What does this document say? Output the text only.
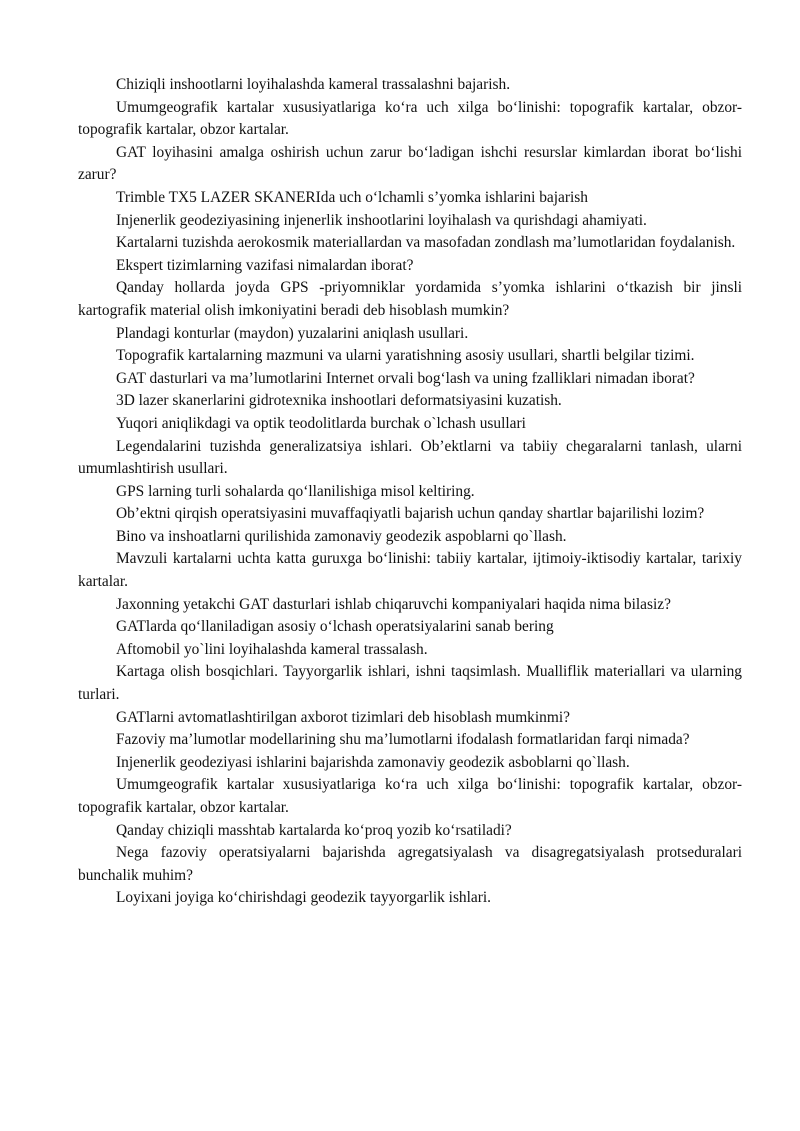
Chiziqli inshootlarni loyihalashda kameral trassalashni bajarish.

Umumgeografik kartalar xususiyatlariga ko‘ra uch xilga bo‘linishi: topografik kartalar, obzor-topografik kartalar, obzor kartalar.

GAT loyihasini amalga oshirish uchun zarur bo‘ladigan ishchi resurslar kimlardan iborat bo‘lishi zarur?

Trimble TX5 LAZER SKANERIda uch o‘lchamli s’yomka ishlarini bajarish

Injenerlik geodeziyasining injenerlik inshootlarini loyihalash va qurishdagi ahamiyati.

Kartalarni tuzishda aerokosmik materiallardan va masofadan zondlash ma’lumotlaridan foydalanish.

Ekspert tizimlarning vazifasi nimalardan iborat?

Qanday hollarda joyda GPS -priyomniklar yordamida s’yomka ishlarini o‘tkazish bir jinsli kartografik material olish imkoniyatini beradi deb hisoblash mumkin?

Plandagi konturlar (maydon) yuzalarini aniqlash usullari.

Topografik kartalarning mazmuni va ularni yaratishning asosiy usullari, shartli belgilar tizimi.

GAT dasturlari va ma’lumotlarini Internet orvali bog‘lash va uning fzalliklari nimadan iborat?

3D lazer skanerlarini gidrotexnika inshootlari deformatsiyasini kuzatish.

Yuqori aniqlikdagi va optik teodolitlarda burchak o`lchash usullari

Legendalarini tuzishda generalizatsiya ishlari. Ob’ektlarni va tabiiy chegaralarni tanlash, ularni umumlashtirish usullari.

GPS larning turli sohalarda qo‘llanilishiga misol keltiring.

Ob’ektni qirqish operatsiyasini muvaffaqiyatli bajarish uchun qanday shartlar bajarilishi lozim?

Bino va inshoatlarni qurilishida zamonaviy geodezik aspoblarni qo`llash.

Mavzuli kartalarni uchta katta guruxga bo‘linishi: tabiiy kartalar, ijtimoiy-iktisodiy kartalar, tarixiy kartalar.

Jaxonning yetakchi GAT dasturlari ishlab chiqaruvchi kompaniyalari haqida nima bilasiz?

GATlarda qo‘llaniladigan asosiy o‘lchash operatsiyalarini sanab bering

Aftomobil yo`lini loyihalashda kameral trassalash.

Kartaga olish bosqichlari. Tayyorgarlik ishlari, ishni taqsimlash. Mualliflik materiallari va ularning turlari.

GATlarni avtomatlashtirilgan axborot tizimlari deb hisoblash mumkinmi?

Fazoviy ma’lumotlar modellarining shu ma’lumotlarni ifodalash formatlaridan farqi nimada?

Injenerlik geodeziyasi ishlarini bajarishda zamonaviy geodezik asboblarni qo`llash.

Umumgeografik kartalar xususiyatlariga ko‘ra uch xilga bo‘linishi: topografik kartalar, obzor-topografik kartalar, obzor kartalar.

Qanday chiziqli masshtab kartalarda ko‘proq yozib ko‘rsatiladi?

Nega fazoviy operatsiyalarni bajarishda agregatsiyalash va disagregatsiyalash protseduralari bunchalik muhim?

Loyixani joyiga ko‘chirishdagi geodezik tayyorgarlik ishlari.
